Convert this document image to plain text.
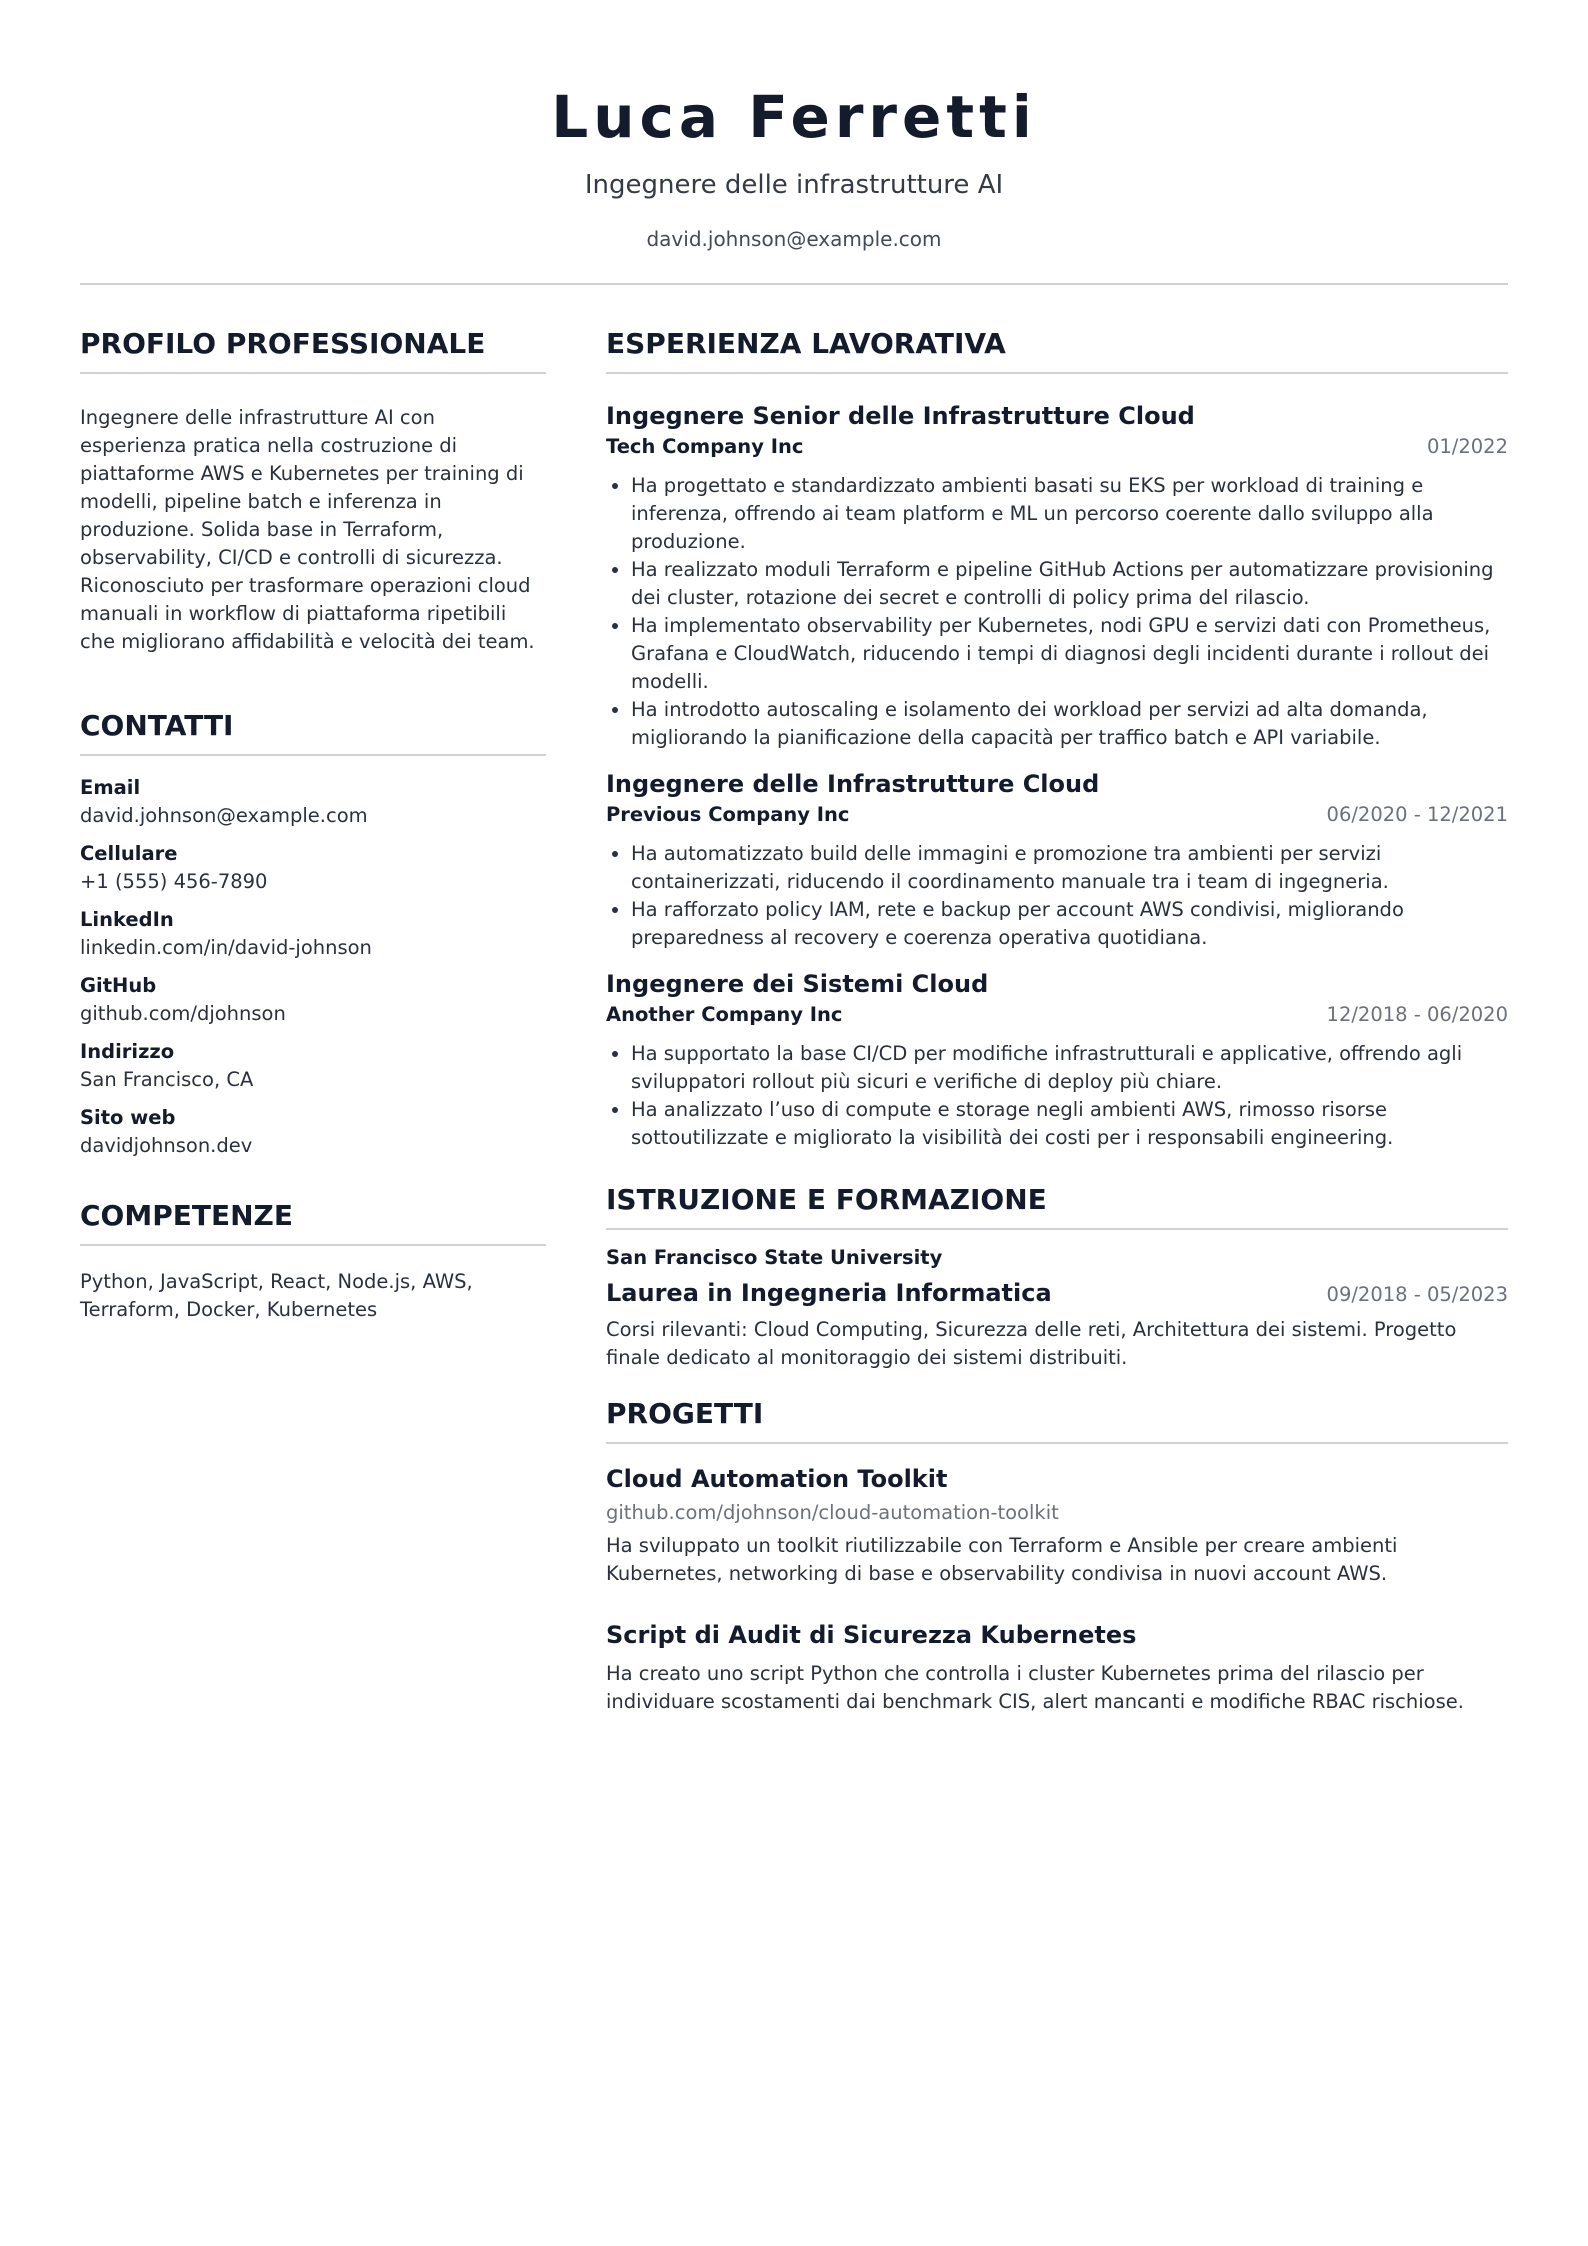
Luca Ferretti
Ingegnere delle infrastrutture AI
david.johnson@example.com
PROFILO PROFESSIONALE

Ingegnere delle infrastrutture AI con esperienza pratica nella costruzione di piattaforme AWS e Kubernetes per training di modelli, pipeline batch e inferenza in produzione. Solida base in Terraform, observability, CI/CD e controlli di sicurezza. Riconosciuto per trasformare operazioni cloud manuali in workflow di piattaforma ripetibili che migliorano affidabilità e velocità dei team.

CONTATTI
Email
david.johnson@example.com
Cellulare
+1 (555) 456-7890
LinkedIn
linkedin.com/in/david-johnson
GitHub
github.com/djohnson
Indirizzo
San Francisco, CA
Sito web
davidjohnson.dev
COMPETENZE

Python, JavaScript, React, Node.js, AWS, Terraform, Docker, Kubernetes

ESPERIENZA LAVORATIVA
Ingegnere Senior delle Infrastrutture Cloud
Tech Company Inc	01/2022
• Ha progettato e standardizzato ambienti basati su EKS per workload di training e inferenza, offrendo ai team platform e ML un percorso coerente dallo sviluppo alla produzione.
• Ha realizzato moduli Terraform e pipeline GitHub Actions per automatizzare provisioning dei cluster, rotazione dei secret e controlli di policy prima del rilascio.
• Ha implementato observability per Kubernetes, nodi GPU e servizi dati con Prometheus, Grafana e CloudWatch, riducendo i tempi di diagnosi degli incidenti durante i rollout dei modelli.
• Ha introdotto autoscaling e isolamento dei workload per servizi ad alta domanda, migliorando la pianificazione della capacità per traffico batch e API variabile.
Ingegnere delle Infrastrutture Cloud
Previous Company Inc	06/2020 - 12/2021
• Ha automatizzato build delle immagini e promozione tra ambienti per servizi containerizzati, riducendo il coordinamento manuale tra i team di ingegneria.
• Ha rafforzato policy IAM, rete e backup per account AWS condivisi, migliorando preparedness al recovery e coerenza operativa quotidiana.
Ingegnere dei Sistemi Cloud
Another Company Inc	12/2018 - 06/2020
• Ha supportato la base CI/CD per modifiche infrastrutturali e applicative, offrendo agli sviluppatori rollout più sicuri e verifiche di deploy più chiare.
• Ha analizzato l’uso di compute e storage negli ambienti AWS, rimosso risorse sottoutilizzate e migliorato la visibilità dei costi per i responsabili engineering.
ISTRUZIONE E FORMAZIONE
San Francisco State University
Laurea in Ingegneria Informatica	09/2018 - 05/2023

Corsi rilevanti: Cloud Computing, Sicurezza delle reti, Architettura dei sistemi. Progetto finale dedicato al monitoraggio dei sistemi distribuiti.

PROGETTI
Cloud Automation Toolkit
github.com/djohnson/cloud-automation-toolkit

Ha sviluppato un toolkit riutilizzabile con Terraform e Ansible per creare ambienti Kubernetes, networking di base e observability condivisa in nuovi account AWS.

Script di Audit di Sicurezza Kubernetes

Ha creato uno script Python che controlla i cluster Kubernetes prima del rilascio per individuare scostamenti dai benchmark CIS, alert mancanti e modifiche RBAC rischiose.
